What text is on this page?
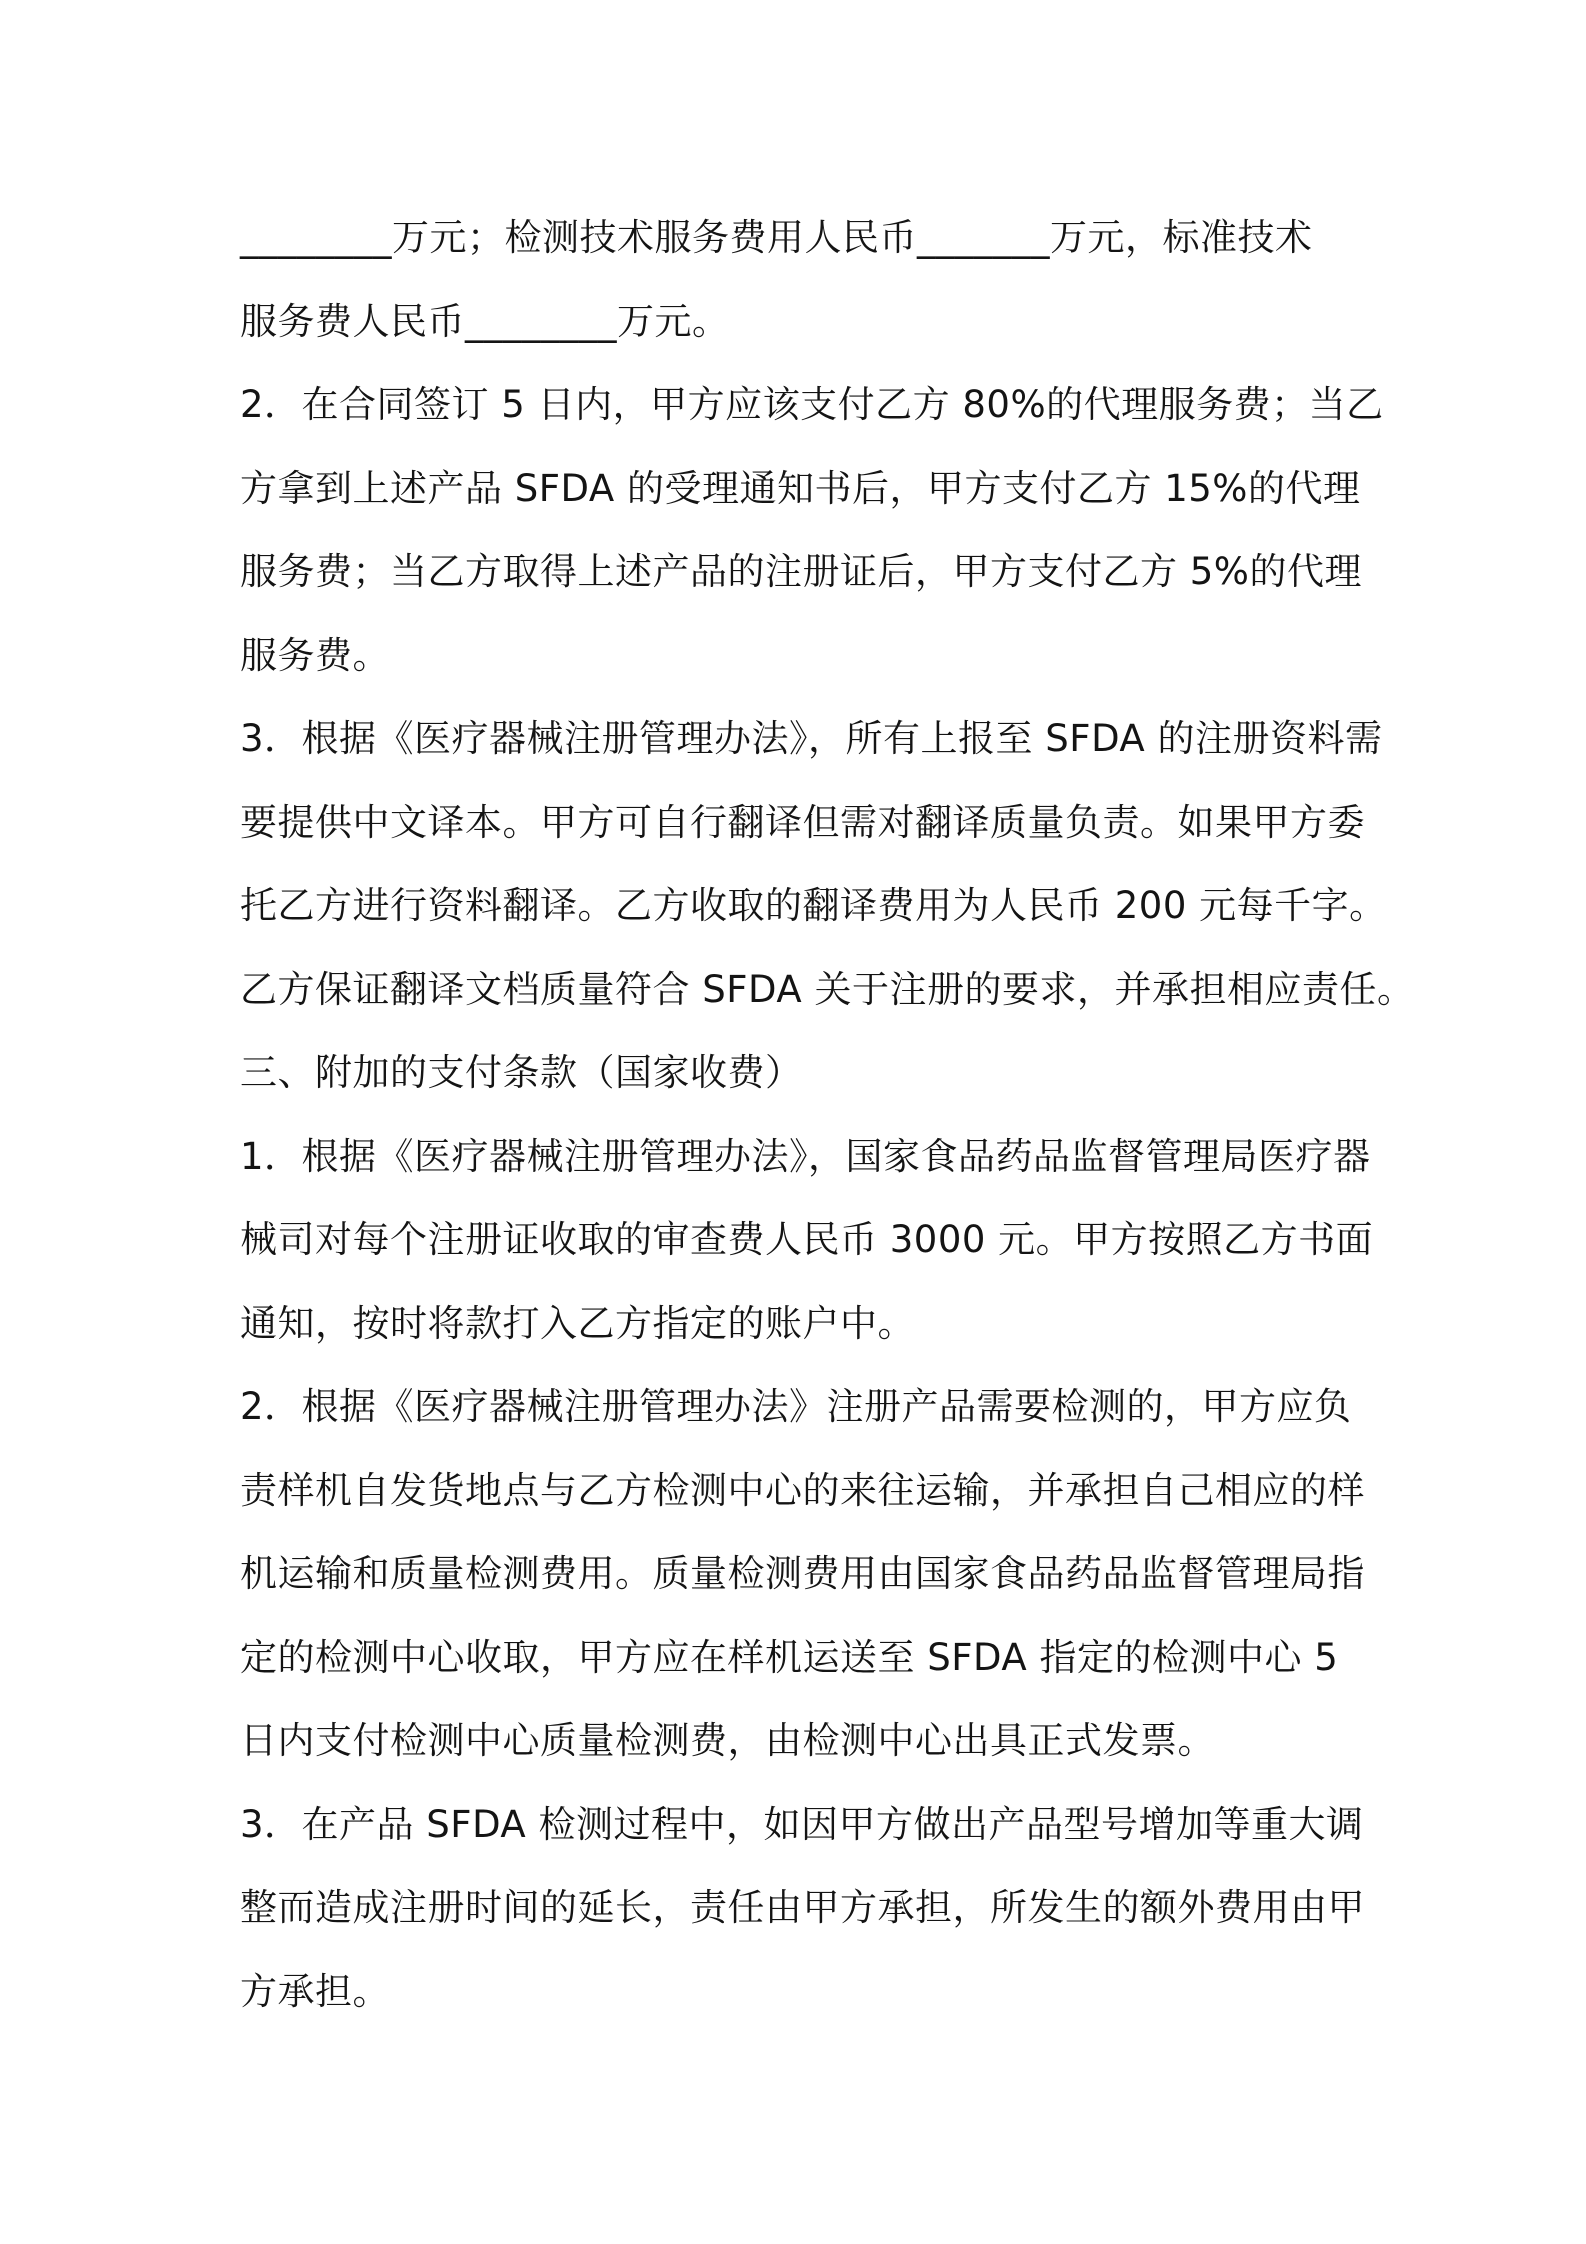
________万元；检测技术服务费用人民币_______万元，标准技术
服务费人民币________万元。
2．在合同签订 5 日内，甲方应该支付乙方 80%的代理服务费；当乙
方拿到上述产品 SFDA 的受理通知书后，甲方支付乙方 15%的代理
服务费；当乙方取得上述产品的注册证后，甲方支付乙方 5%的代理
服务费。
3．根据《医疗器械注册管理办法》，所有上报至 SFDA 的注册资料需
要提供中文译本。甲方可自行翻译但需对翻译质量负责。如果甲方委
托乙方进行资料翻译。乙方收取的翻译费用为人民币 200 元每千字。
乙方保证翻译文档质量符合 SFDA 关于注册的要求，并承担相应责任。
三、附加的支付条款（国家收费）
1．根据《医疗器械注册管理办法》，国家食品药品监督管理局医疗器
械司对每个注册证收取的审查费人民币 3000 元。甲方按照乙方书面
通知，按时将款打入乙方指定的账户中。
2．根据《医疗器械注册管理办法》注册产品需要检测的，甲方应负
责样机自发货地点与乙方检测中心的来往运输，并承担自己相应的样
机运输和质量检测费用。质量检测费用由国家食品药品监督管理局指
定的检测中心收取，甲方应在样机运送至 SFDA 指定的检测中心 5
日内支付检测中心质量检测费，由检测中心出具正式发票。
3．在产品 SFDA 检测过程中，如因甲方做出产品型号增加等重大调
整而造成注册时间的延长，责任由甲方承担，所发生的额外费用由甲
方承担。
